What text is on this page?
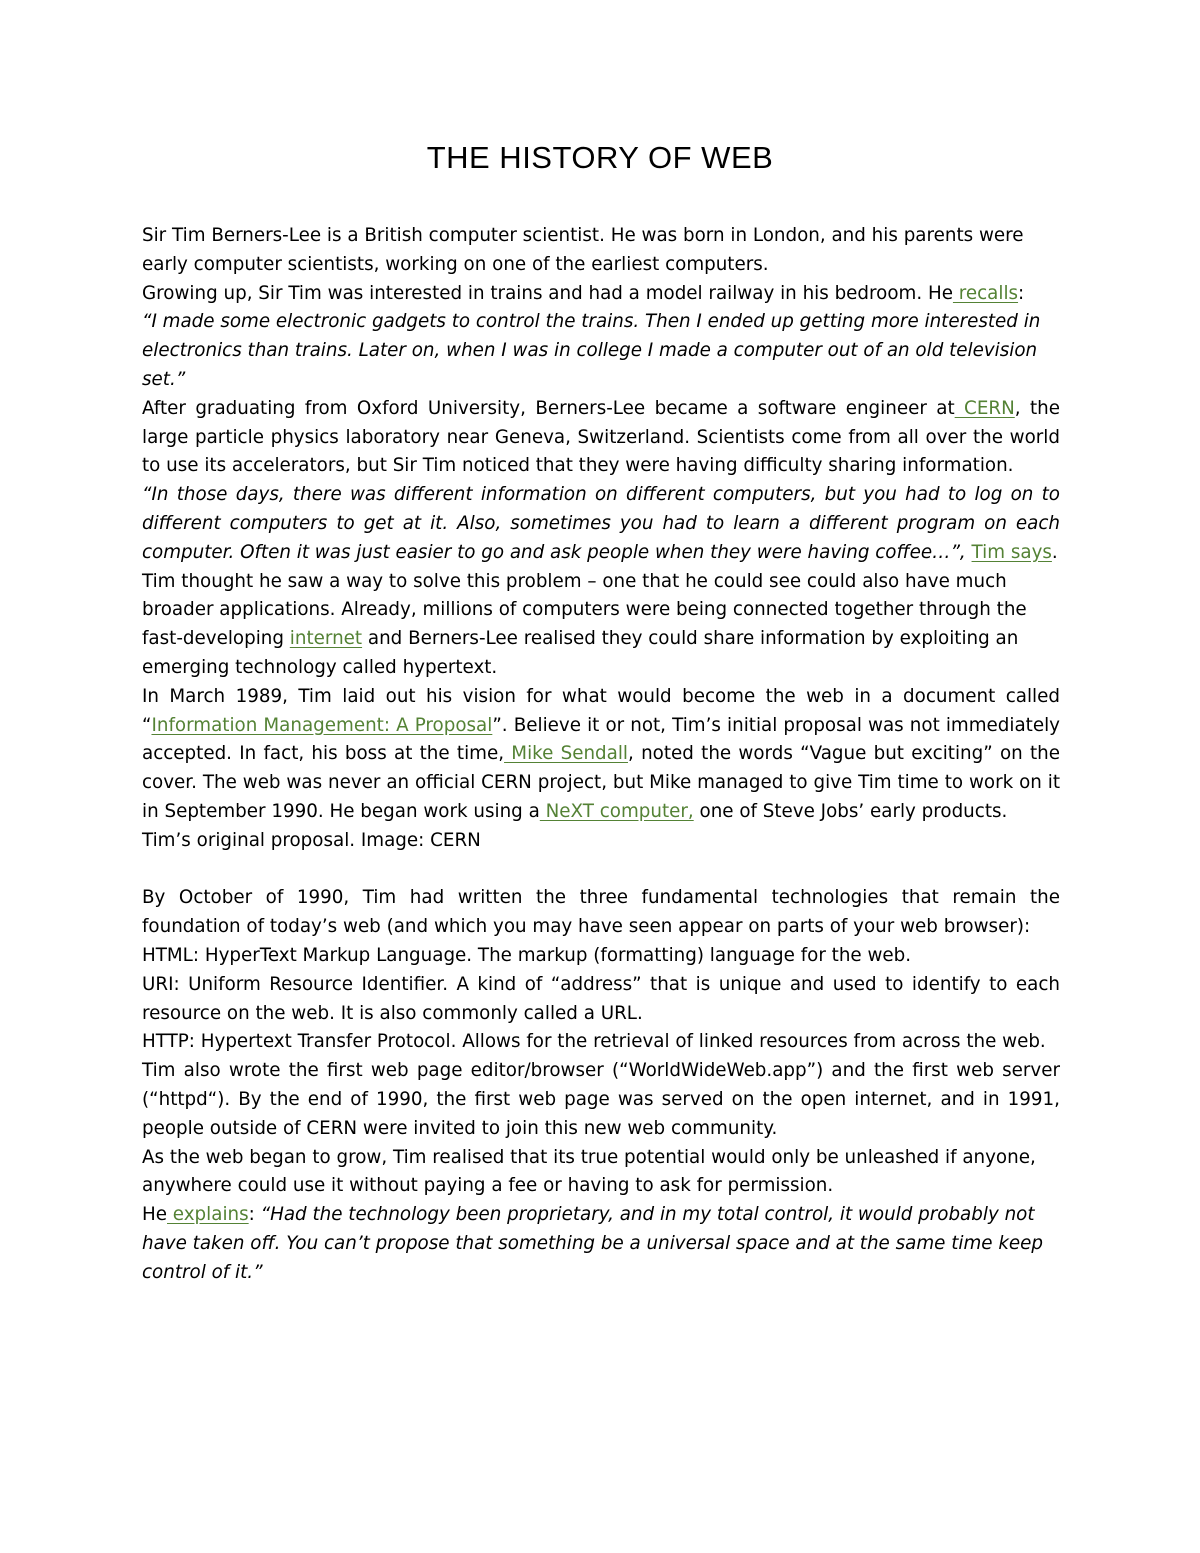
THE HISTORY OF WEB

Sir Tim Berners-Lee is a British computer scientist. He was born in London, and his parents were early computer scientists, working on one of the earliest computers.

Growing up, Sir Tim was interested in trains and had a model railway in his bedroom. He recalls:

“I made some electronic gadgets to control the trains. Then I ended up getting more interested in electronics than trains. Later on, when I was in college I made a computer out of an old television set.”

After graduating from Oxford University, Berners-Lee became a software engineer at CERN, the large particle physics laboratory near Geneva, Switzerland. Scientists come from all over the world to use its accelerators, but Sir Tim noticed that they were having difficulty sharing information.

“In those days, there was different information on different computers, but you had to log on to different computers to get at it. Also, sometimes you had to learn a different program on each computer. Often it was just easier to go and ask people when they were having coffee…”, Tim says.

Tim thought he saw a way to solve this problem – one that he could see could also have much broader applications. Already, millions of computers were being connected together through the fast-developing internet and Berners-Lee realised they could share information by exploiting an emerging technology called hypertext.

In March 1989, Tim laid out his vision for what would become the web in a document called “Information Management: A Proposal”. Believe it or not, Tim’s initial proposal was not immediately accepted. In fact, his boss at the time, Mike Sendall, noted the words “Vague but exciting” on the cover. The web was never an official CERN project, but Mike managed to give Tim time to work on it in September 1990. He began work using a NeXT computer, one of Steve Jobs’ early products.

Tim’s original proposal. Image: CERN

By October of 1990, Tim had written the three fundamental technologies that remain the foundation of today’s web (and which you may have seen appear on parts of your web browser):

HTML: HyperText Markup Language. The markup (formatting) language for the web.

URI: Uniform Resource Identifier. A kind of “address” that is unique and used to identify to each resource on the web. It is also commonly called a URL.

HTTP: Hypertext Transfer Protocol. Allows for the retrieval of linked resources from across the web.

Tim also wrote the first web page editor/browser (“WorldWideWeb.app”) and the first web server (“httpd“). By the end of 1990, the first web page was served on the open internet, and in 1991, people outside of CERN were invited to join this new web community.

As the web began to grow, Tim realised that its true potential would only be unleashed if anyone, anywhere could use it without paying a fee or having to ask for permission.

He explains: “Had the technology been proprietary, and in my total control, it would probably not have taken off. You can’t propose that something be a universal space and at the same time keep control of it.”
